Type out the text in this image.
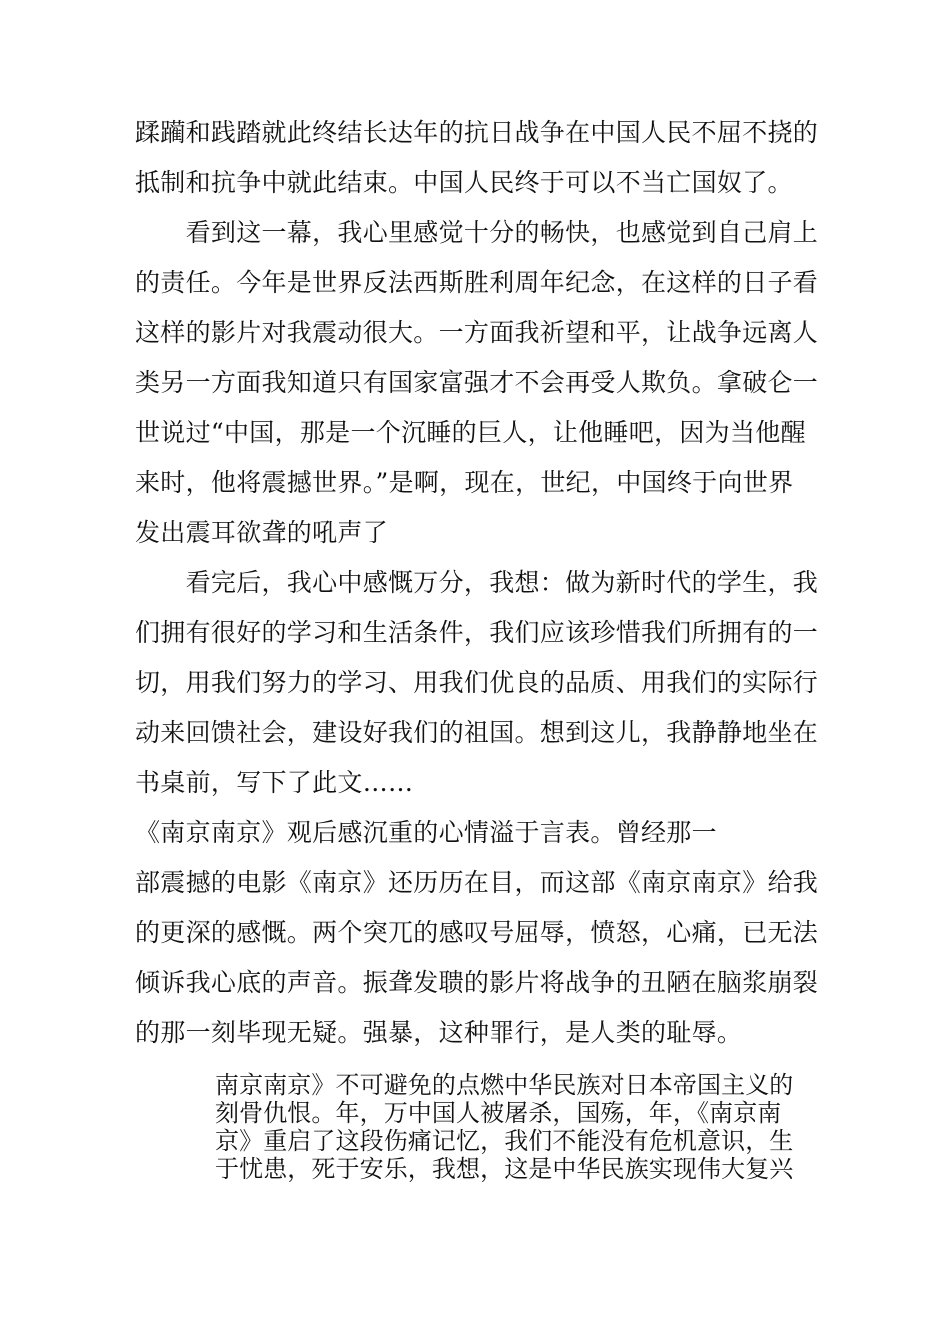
蹂躏和践踏就此终结长达年的抗日战争在中国人民不屈不挠的

抵制和抗争中就此结束。中国人民终于可以不当亡国奴了。

　　看到这一幕，我心里感觉十分的畅快，也感觉到自己肩上

的责任。今年是世界反法西斯胜利周年纪念，在这样的日子看

这样的影片对我震动很大。一方面我祈望和平，让战争远离人

类另一方面我知道只有国家富强才不会再受人欺负。拿破仑一

世说过“中国，那是一个沉睡的巨人，让他睡吧，因为当他醒

来时，他将震撼世界。”是啊，现在，世纪，中国终于向世界

发出震耳欲聋的吼声了

　　看完后，我心中感慨万分，我想：做为新时代的学生，我

们拥有很好的学习和生活条件，我们应该珍惜我们所拥有的一

切，用我们努力的学习、用我们优良的品质、用我们的实际行

动来回馈社会，建设好我们的祖国。想到这儿，我静静地坐在

书桌前，写下了此文……

《南京南京》观后感沉重的心情溢于言表。曾经那一

部震撼的电影《南京》还历历在目，而这部《南京南京》给我

的更深的感慨。两个突兀的感叹号屈辱，愤怒，心痛，已无法

倾诉我心底的声音。振聋发聩的影片将战争的丑陋在脑浆崩裂

的那一刻毕现无疑。强暴，这种罪行，是人类的耻辱。

南京南京》不可避免的点燃中华民族对日本帝国主义的

刻骨仇恨。年，万中国人被屠杀，国殇，年，《南京南

京》重启了这段伤痛记忆，我们不能没有危机意识，生

于忧患，死于安乐，我想，这是中华民族实现伟大复兴
